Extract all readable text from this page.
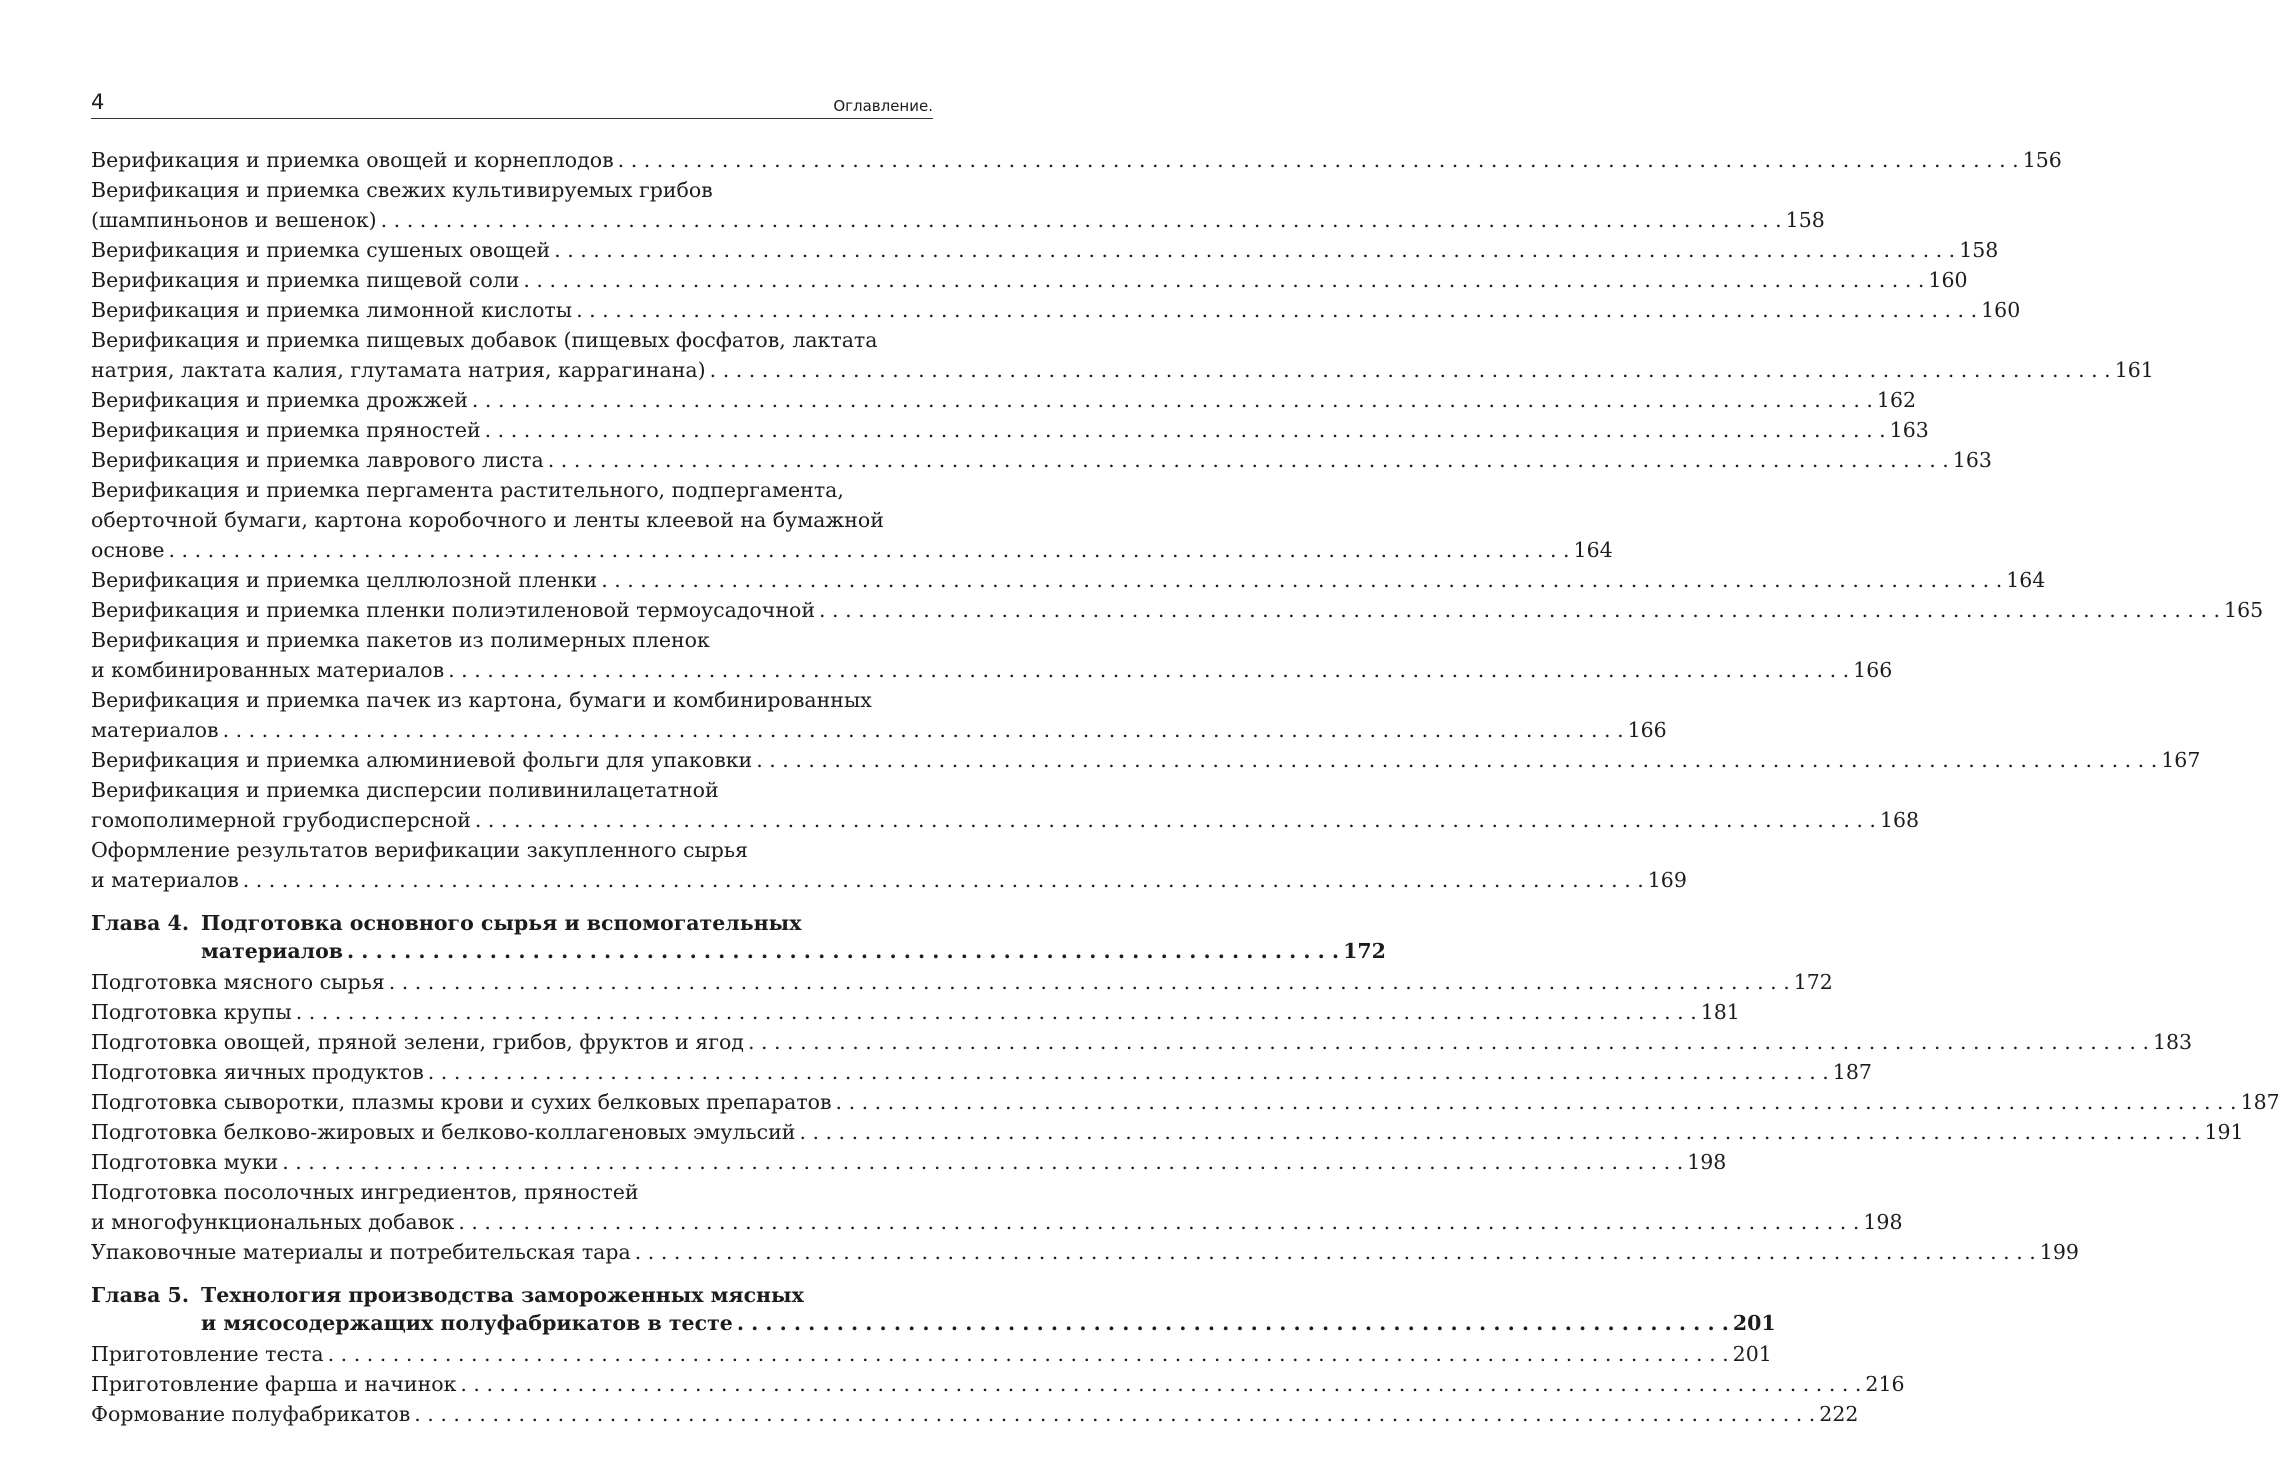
4	Оглавление.
Верификация и приемка овощей и корнеплодов . . .	156
Верификация и приемка свежих культивируемых грибов
(шампиньонов и вешенок) . . .	158
Верификация и приемка сушеных овощей . . .	158
Верификация и приемка пищевой соли . . .	160
Верификация и приемка лимонной кислоты . . .	160
Верификация и приемка пищевых добавок (пищевых фосфатов, лактата
натрия, лактата калия, глутамата натрия, каррагинана) . . .	161
Верификация и приемка дрожжей . . .	162
Верификация и приемка пряностей . . .	163
Верификация и приемка лаврового листа . . .	163
Верификация и приемка пергамента растительного, подпергамента,
оберточной бумаги, картона коробочного и ленты клеевой на бумажной
основе . . .	164
Верификация и приемка целлюлозной пленки . . .	164
Верификация и приемка пленки полиэтиленовой термоусадочной . . .	165
Верификация и приемка пакетов из полимерных пленок
и комбинированных материалов . . .	166
Верификация и приемка пачек из картона, бумаги и комбинированных
материалов . . .	166
Верификация и приемка алюминиевой фольги для упаковки . . .	167
Верификация и приемка дисперсии поливинилацетатной
гомополимерной грубодисперсной . . .	168
Оформление результатов верификации закупленного сырья
и материалов . . .	169
Глава 4. Подготовка основного сырья и вспомогательных
материалов . . .	172
Подготовка мясного сырья . . .	172
Подготовка крупы . . .	181
Подготовка овощей, пряной зелени, грибов, фруктов и ягод . . .	183
Подготовка яичных продуктов . . .	187
Подготовка сыворотки, плазмы крови и сухих белковых препаратов . . .	187
Подготовка белково-жировых и белково-коллагеновых эмульсий . . .	191
Подготовка муки . . .	198
Подготовка посолочных ингредиентов, пряностей
и многофункциональных добавок . . .	198
Упаковочные материалы и потребительская тара . . .	199
Глава 5. Технология производства замороженных мясных
и мясосодержащих полуфабрикатов в тесте . . .	201
Приготовление теста . . .	201
Приготовление фарша и начинок . . .	216
Формование полуфабрикатов . . .	222
